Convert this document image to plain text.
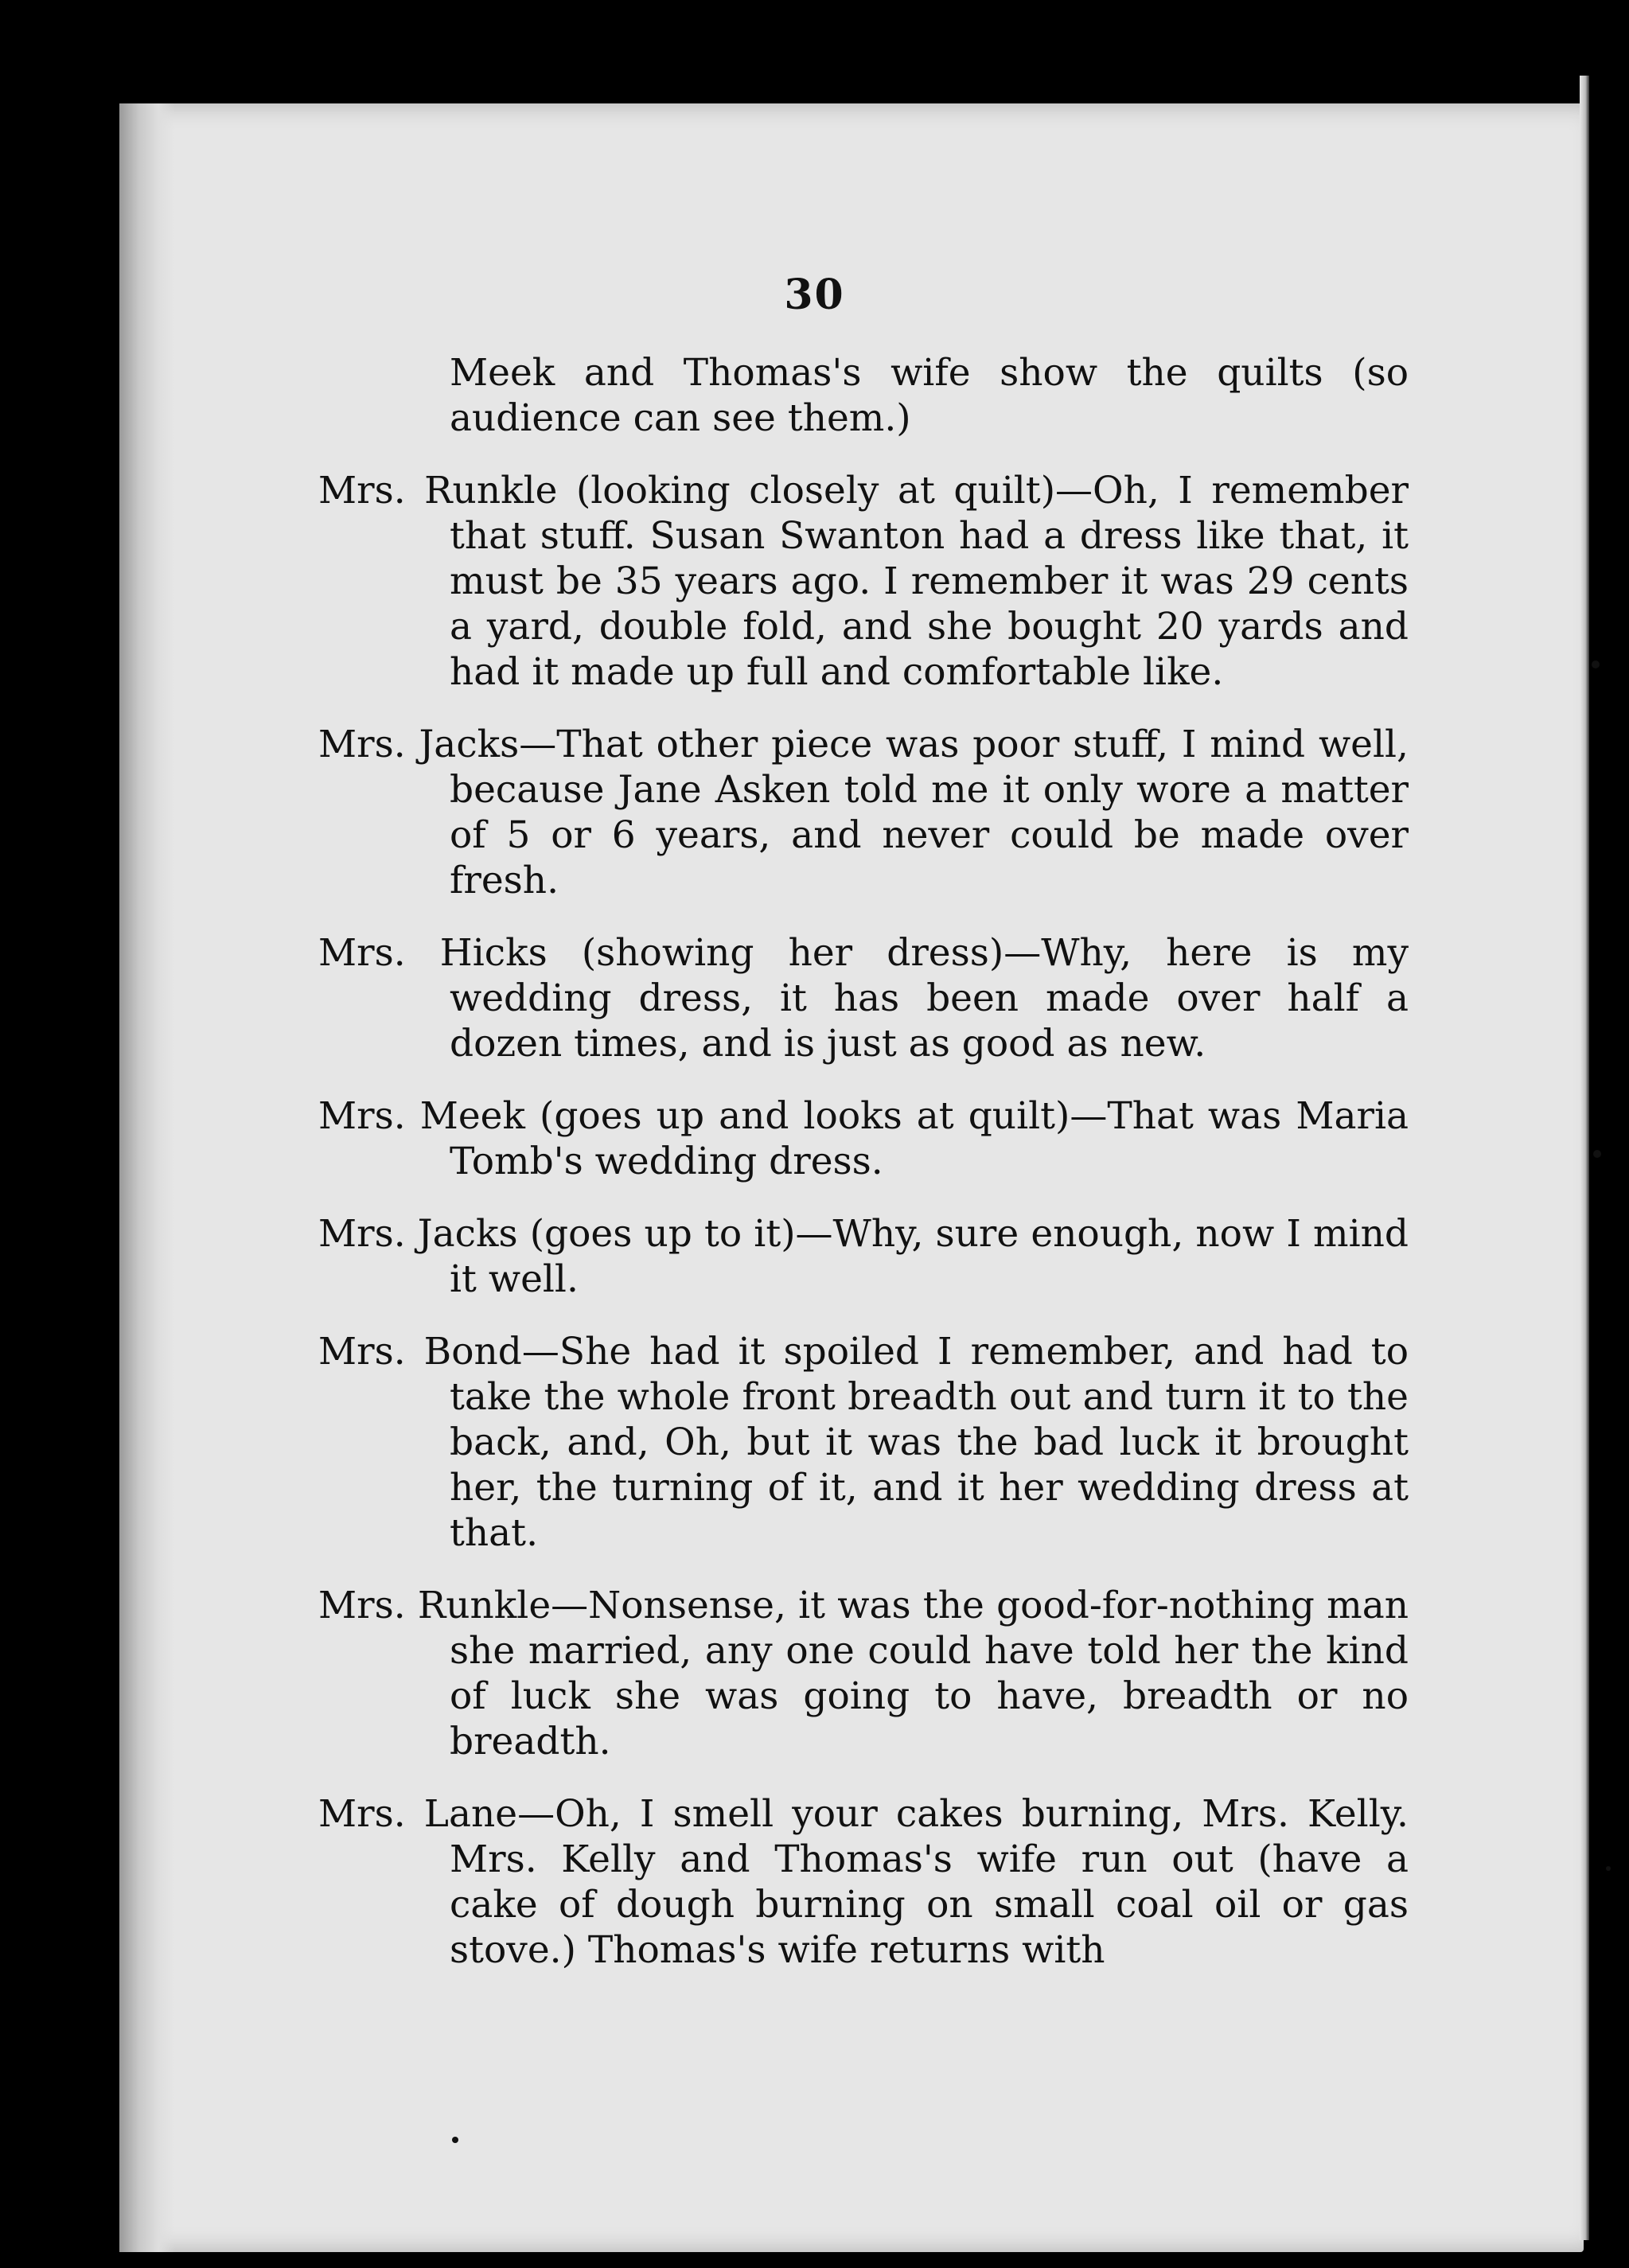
30

Meek and Thomas's wife show the quilts (so audience can see them.)

Mrs. Runkle (looking closely at quilt)—Oh, I remember that stuff. Susan Swanton had a dress like that, it must be 35 years ago. I remember it was 29 cents a yard, double fold, and she bought 20 yards and had it made up full and comfortable like.

Mrs. Jacks—That other piece was poor stuff, I mind well, because Jane Asken told me it only wore a matter of 5 or 6 years, and never could be made over fresh.

Mrs. Hicks (showing her dress)—Why, here is my wedding dress, it has been made over half a dozen times, and is just as good as new.

Mrs. Meek (goes up and looks at quilt)—That was Maria Tomb's wedding dress.

Mrs. Jacks (goes up to it)—Why, sure enough, now I mind it well.

Mrs. Bond—She had it spoiled I remember, and had to take the whole front breadth out and turn it to the back, and, Oh, but it was the bad luck it brought her, the turning of it, and it her wedding dress at that.

Mrs. Runkle—Nonsense, it was the good-for-nothing man she married, any one could have told her the kind of luck she was going to have, breadth or no breadth.

Mrs. Lane—Oh, I smell your cakes burning, Mrs. Kelly. Mrs. Kelly and Thomas's wife run out (have a cake of dough burning on small coal oil or gas stove.) Thomas's wife returns with
